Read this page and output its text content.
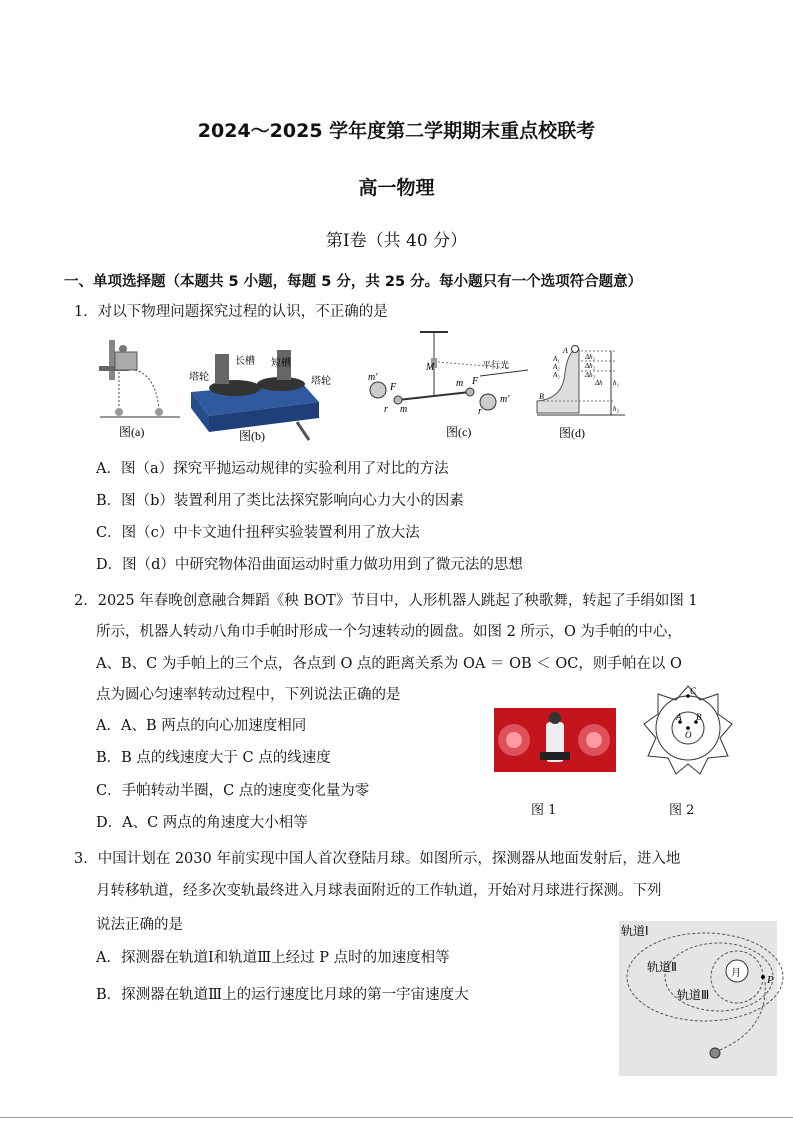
2024～2025 学年度第二学期期末重点校联考
高一物理
第Ⅰ卷（共 40 分）
一、单项选择题（本题共 5 小题，每题 5 分，共 25 分。每小题只有一个选项符合题意）
1．对以下物理问题探究过程的认识，不正确的是
图(a)
长槽 短槽
塔轮	塔轮
图(b)
M	平行光
m′
m′
F
F
m
m
r	r
图(c)
A
A₁
A₂
A₃
Δh₁
Δh₂
Δh₃
Δh h₁
h₂
B
图(d)
A．图（a）探究平抛运动规律的实验利用了对比的方法
B．图（b）装置利用了类比法探究影响向心力大小的因素
C．图（c）中卡文迪什扭秤实验装置利用了放大法
D．图（d）中研究物体沿曲面运动时重力做功用到了微元法的思想
2．2025 年春晚创意融合舞蹈《秧 BOT》节目中，人形机器人跳起了秧歌舞，转起了手绢如图 1
所示，机器人转动八角巾手帕时形成一个匀速转动的圆盘。如图 2 所示，O 为手帕的中心，
A、B、C 为手帕上的三个点，各点到 O 点的距离关系为 OA ＝ OB ＜ OC，则手帕在以 O
点为圆心匀速率转动过程中，下列说法正确的是
A．A、B 两点的向心加速度相同
B．B 点的线速度大于 C 点的线速度
C．手帕转动半圈，C 点的速度变化量为零
D．A、C 两点的角速度大小相等
图 1
C
A B
O
图 2
3．中国计划在 2030 年前实现中国人首次登陆月球。如图所示，探测器从地面发射后，进入地
月转移轨道，经多次变轨最终进入月球表面附近的工作轨道，开始对月球进行探测。下列
说法正确的是
A．探测器在轨道Ⅰ和轨道Ⅲ上经过 P 点时的加速度相等
B．探测器在轨道Ⅲ上的运行速度比月球的第一宇宙速度大
轨道Ⅰ
轨道Ⅱ
轨道Ⅲ
月
P
